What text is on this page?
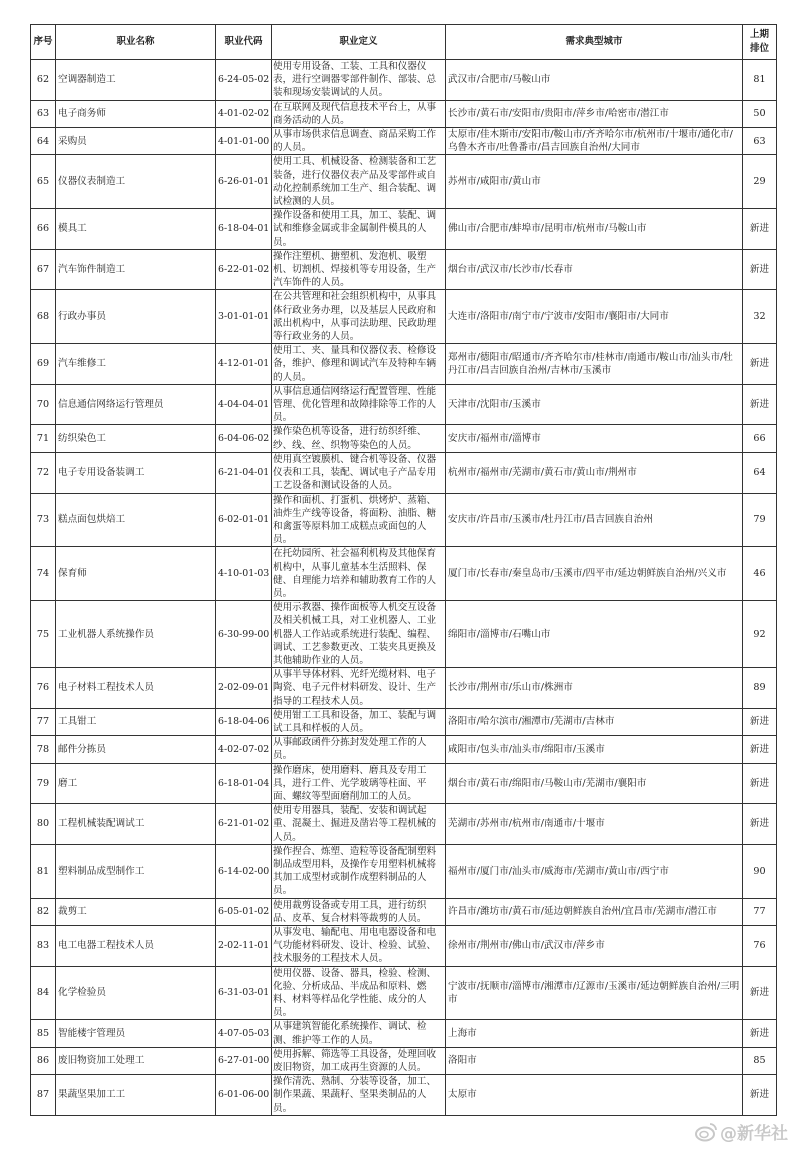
序号	职业名称	职业代码	职业定义	需求典型城市	上期排位
62	空调器制造工	6-24-05-02	使用专用设备、工装、工具和仪器仪表，进行空调器零部件制作、部装、总装和现场安装调试的人员。	武汉市/合肥市/马鞍山市	81
63	电子商务师	4-01-02-02	在互联网及现代信息技术平台上，从事商务活动的人员。	长沙市/黄石市/安阳市/贵阳市/萍乡市/哈密市/潜江市	50
64	采购员	4-01-01-00	从事市场供求信息调查、商品采购工作的人员。	太原市/佳木斯市/安阳市/鞍山市/齐齐哈尔市/杭州市/十堰市/通化市/乌鲁木齐市/吐鲁番市/昌吉回族自治州/大同市	63
65	仪器仪表制造工	6-26-01-01	使用工具、机械设备、检测装备和工艺装备，进行仪器仪表产品及零部件或自动化控制系统加工生产、组合装配、调试检测的人员。	苏州市/咸阳市/黄山市	29
66	模具工	6-18-04-01	操作设备和使用工具，加工、装配、调试和维修金属或非金属制件模具的人员。	佛山市/合肥市/蚌埠市/昆明市/杭州市/马鞍山市	新进
67	汽车饰件制造工	6-22-01-02	操作注塑机、搪塑机、发泡机、吸塑机、切割机、焊接机等专用设备，生产汽车饰件的人员。	烟台市/武汉市/长沙市/长春市	新进
68	行政办事员	3-01-01-01	在公共管理和社会组织机构中，从事具体行政业务办理，以及基层人民政府和派出机构中，从事司法助理、民政助理等行政业务的人员。	大连市/洛阳市/南宁市/宁波市/安阳市/襄阳市/大同市	32
69	汽车维修工	4-12-01-01	使用工、夹、量具和仪器仪表、检修设备，维护、修理和调试汽车及特种车辆的人员。	郑州市/德阳市/昭通市/齐齐哈尔市/桂林市/南通市/鞍山市/汕头市/牡丹江市/昌吉回族自治州/吉林市/玉溪市	新进
70	信息通信网络运行管理员	4-04-04-01	从事信息通信网络运行配置管理、性能管理、优化管理和故障排除等工作的人员。	天津市/沈阳市/玉溪市	新进
71	纺织染色工	6-04-06-02	操作染色机等设备，进行纺织纤维、纱、线、丝、织物等染色的人员。	安庆市/福州市/淄博市	66
72	电子专用设备装调工	6-21-04-01	使用真空镀膜机、键合机等设备、仪器仪表和工具，装配、调试电子产品专用工艺设备和测试设备的人员。	杭州市/福州市/芜湖市/黄石市/黄山市/荆州市	64
73	糕点面包烘焙工	6-02-01-01	操作和面机、打蛋机、烘烤炉、蒸箱、油炸生产线等设备，将面粉、油脂、糖和禽蛋等原料加工成糕点或面包的人员。	安庆市/许昌市/玉溪市/牡丹江市/昌吉回族自治州	79
74	保育师	4-10-01-03	在托幼园所、社会福利机构及其他保育机构中，从事儿童基本生活照料、保健、自理能力培养和辅助教育工作的人员。	厦门市/长春市/秦皇岛市/玉溪市/四平市/延边朝鲜族自治州/兴义市	46
75	工业机器人系统操作员	6-30-99-00	使用示教器、操作面板等人机交互设备及相关机械工具，对工业机器人、工业机器人工作站或系统进行装配、编程、调试、工艺参数更改、工装夹具更换及其他辅助作业的人员。	绵阳市/淄博市/石嘴山市	92
76	电子材料工程技术人员	2-02-09-01	从事半导体材料、光纤光缆材料、电子陶瓷、电子元件材料研发、设计、生产指导的工程技术人员。	长沙市/荆州市/乐山市/株洲市	89
77	工具钳工	6-18-04-06	使用钳工工具和设备，加工、装配与调试工具和样板的人员。	洛阳市/哈尔滨市/湘潭市/芜湖市/吉林市	新进
78	邮件分拣员	4-02-07-02	从事邮政函件分拣封发处理工作的人员。	咸阳市/包头市/汕头市/绵阳市/玉溪市	新进
79	磨工	6-18-01-04	操作磨床，使用磨料、磨具及专用工具，进行工件、光学玻璃等柱面、平面、螺纹等型面磨削加工的人员。	烟台市/黄石市/绵阳市/马鞍山市/芜湖市/襄阳市	新进
80	工程机械装配调试工	6-21-01-02	使用专用器具，装配、安装和调试起重、混凝土、掘进及凿岩等工程机械的人员。	芜湖市/苏州市/杭州市/南通市/十堰市	新进
81	塑料制品成型制作工	6-14-02-00	操作捏合、炼塑、造粒等设备配制塑料制品成型用料，及操作专用塑料机械将其加工成型材或制作成塑料制品的人员。	福州市/厦门市/汕头市/威海市/芜湖市/黄山市/西宁市	90
82	裁剪工	6-05-01-02	使用裁剪设备或专用工具，进行纺织品、皮革、复合材料等裁剪的人员。	许昌市/潍坊市/黄石市/延边朝鲜族自治州/宜昌市/芜湖市/潜江市	77
83	电工电器工程技术人员	2-02-11-01	从事发电、输配电、用电电器设备和电气功能材料研发、设计、检验、试验、技术服务的工程技术人员。	徐州市/荆州市/佛山市/武汉市/萍乡市	76
84	化学检验员	6-31-03-01	使用仪器、设备、器具，检验、检测、化验、分析成品、半成品和原料、燃料、材料等样品化学性能、成分的人员。	宁波市/抚顺市/淄博市/湘潭市/辽源市/玉溪市/延边朝鲜族自治州/三明市	新进
85	智能楼宇管理员	4-07-05-03	从事建筑智能化系统操作、调试、检测、维护等工作的人员。	上海市	新进
86	废旧物资加工处理工	6-27-01-00	使用拆解、筛选等工具设备，处理回收废旧物资，加工成再生资源的人员。	洛阳市	85
87	果蔬坚果加工工	6-01-06-00	操作清洗、熟制、分装等设备，加工、制作果蔬、果蔬籽、坚果类制品的人员。	太原市	新进
@新华社
